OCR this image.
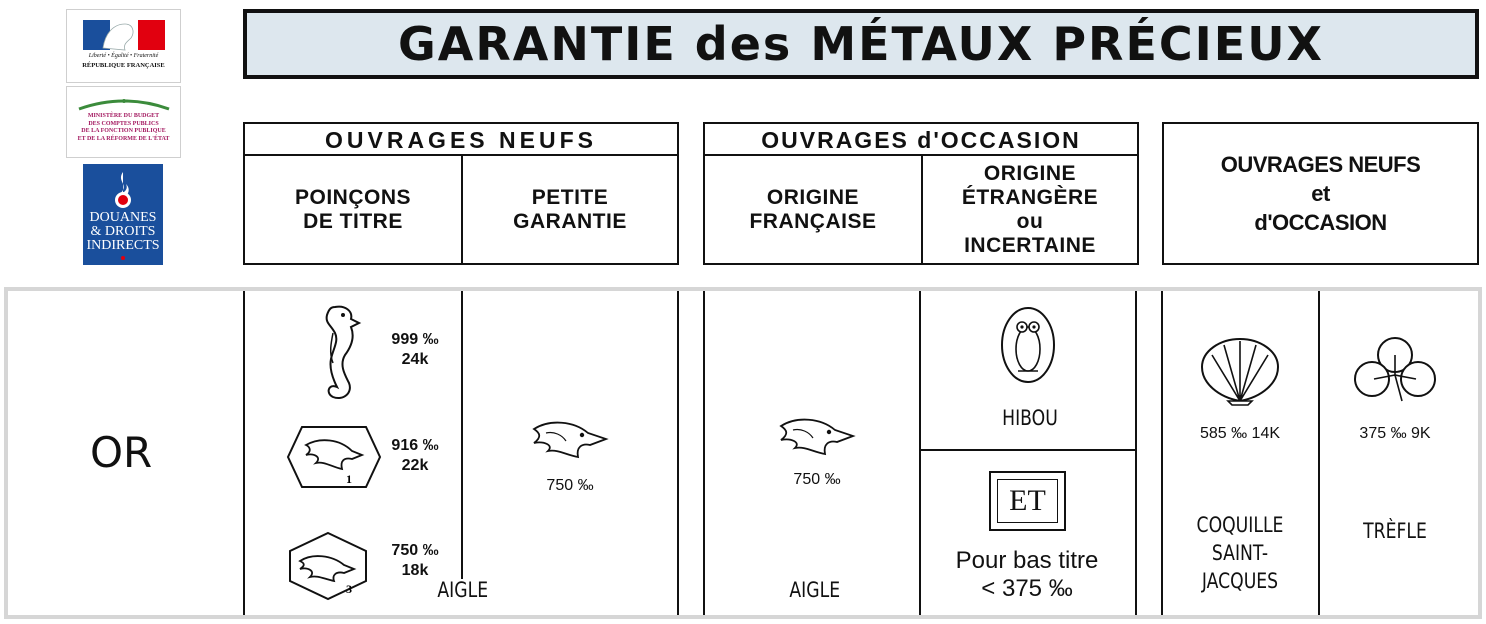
Liberté • Égalité • Fraternité
RÉPUBLIQUE FRANÇAISE
MINISTÈRE DU BUDGET
DES COMPTES PUBLICS
DE LA FONCTION PUBLIQUE
ET DE LA RÉFORME DE L'ÉTAT
DOUANES
& DROITS
INDIRECTS
GARANTIE des MÉTAUX PRÉCIEUX
OUVRAGES NEUFS
POINÇONS
DE TITRE
PETITE
GARANTIE
OUVRAGES d'OCCASION
ORIGINE
FRANÇAISE
ORIGINE
ÉTRANGÈRE
ou
INCERTAINE
OUVRAGES NEUFS
et
d'OCCASION
OR
999 ‰
24k
1
916 ‰
22k
3
750 ‰
18k
AIGLE
750 ‰	750 ‰
AIGLE
HIBOU
ET
Pour bas titre
< 375 ‰
585 ‰ 14K
COQUILLE
SAINT-JACQUES
375 ‰ 9K
TRÈFLE
